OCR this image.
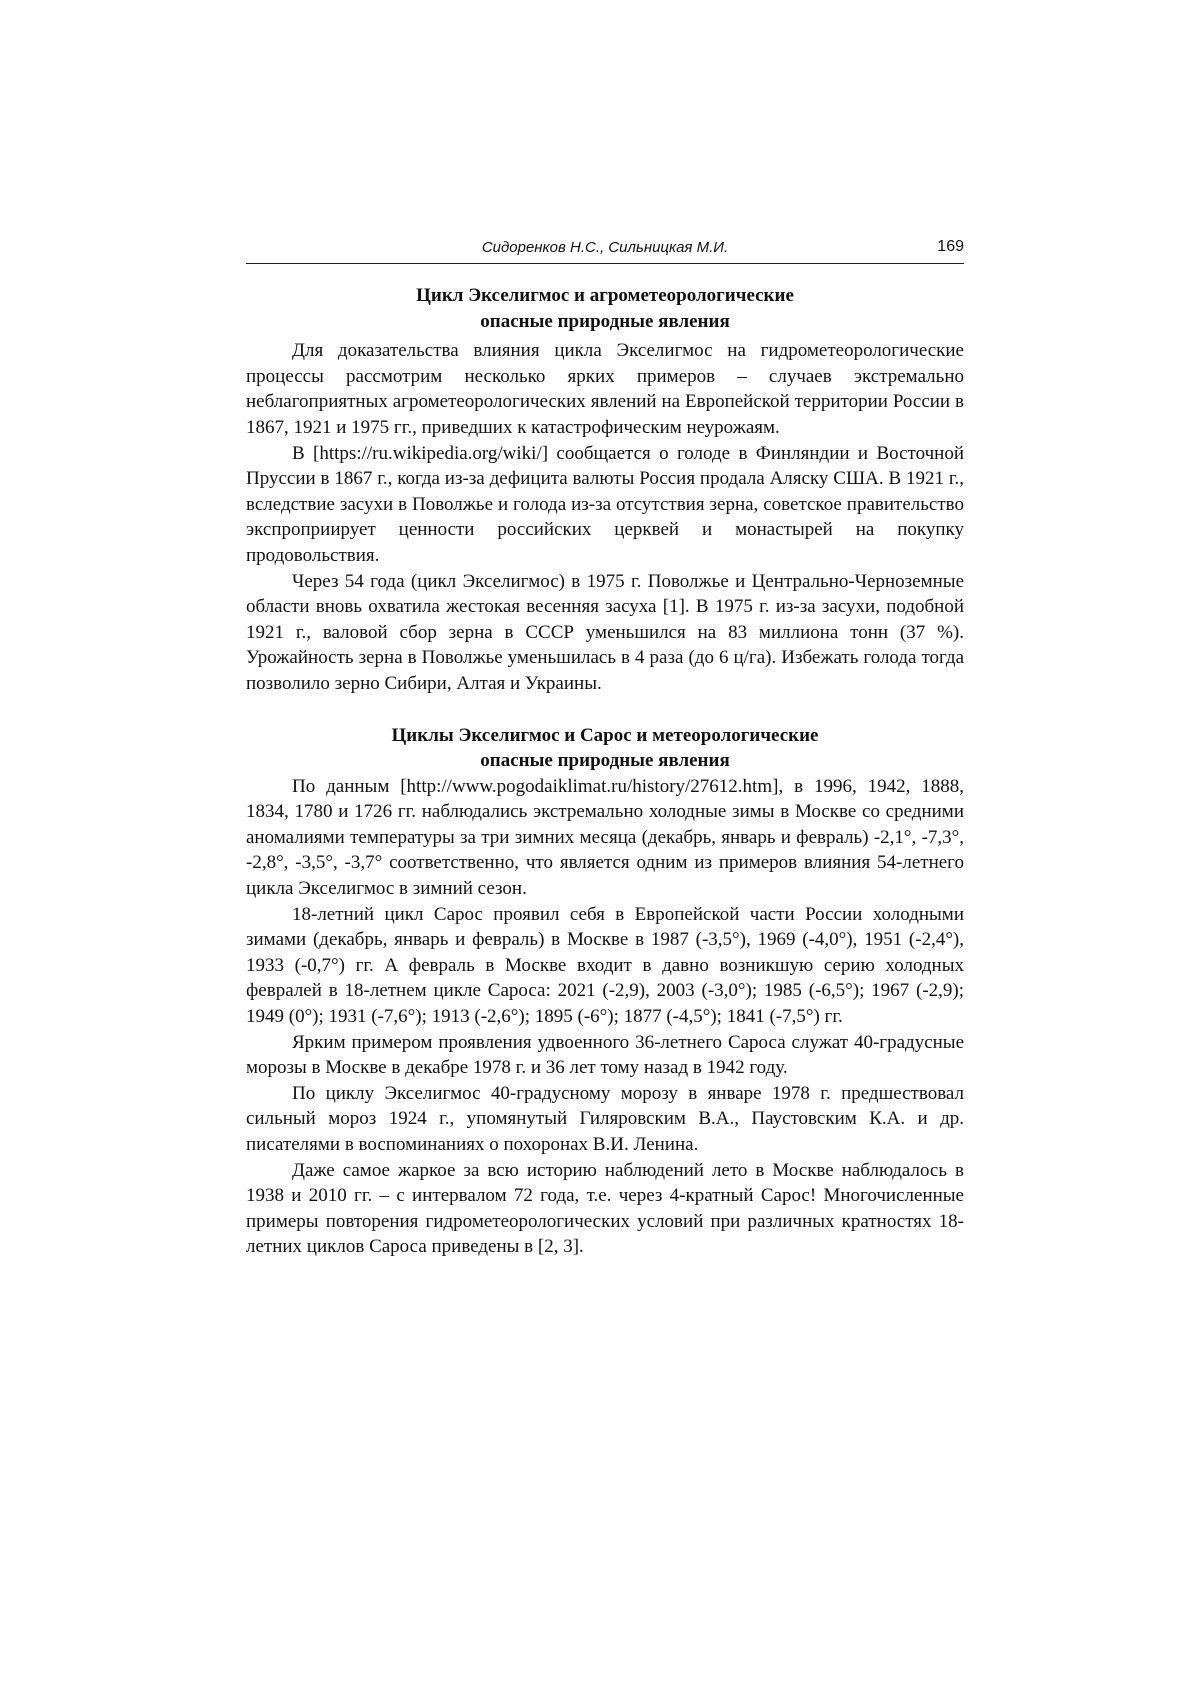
Сидоренков Н.С., Сильницкая М.И.	169
Цикл Экселигмос и агрометеорологические
опасные природные явления

Для доказательства влияния цикла Экселигмос на гидрометеорологические процессы рассмотрим несколько ярких примеров – случаев экстремально неблагоприятных агрометеорологических явлений на Европейской территории России в 1867, 1921 и 1975 гг., приведших к катастрофическим неурожаям.

В [https://ru.wikipedia.org/wiki/] сообщается о голоде в Финляндии и Восточной Пруссии в 1867 г., когда из-за дефицита валюты Россия продала Аляску США. В 1921 г., вследствие засухи в Поволжье и голода из-за отсутствия зерна, советское правительство экспроприирует ценности российских церквей и монастырей на покупку продовольствия.

Через 54 года (цикл Экселигмос) в 1975 г. Поволжье и Центрально-Черноземные области вновь охватила жестокая весенняя засуха [1]. В 1975 г. из-за засухи, подобной 1921 г., валовой сбор зерна в СССР уменьшился на 83 миллиона тонн (37 %). Урожайность зерна в Поволжье уменьшилась в 4 раза (до 6 ц/га). Избежать голода тогда позволило зерно Сибири, Алтая и Украины.

Циклы Экселигмос и Сарос и метеорологические
опасные природные явления

По данным [http://www.pogodaiklimat.ru/history/27612.htm], в 1996, 1942, 1888, 1834, 1780 и 1726 гг. наблюдались экстремально холодные зимы в Москве со средними аномалиями температуры за три зимних месяца (декабрь, январь и февраль) -2,1°, -7,3°, -2,8°, -3,5°, -3,7° соответственно, что является одним из примеров влияния 54-летнего цикла Экселигмос в зимний сезон.

18-летний цикл Сарос проявил себя в Европейской части России холодными зимами (декабрь, январь и февраль) в Москве в 1987 (-3,5°), 1969 (-4,0°), 1951 (-2,4°), 1933 (-0,7°) гг. А февраль в Москве входит в давно возникшую серию холодных февралей в 18-летнем цикле Сароса: 2021 (-2,9), 2003 (-3,0°); 1985 (-6,5°); 1967 (-2,9); 1949 (0°); 1931 (-7,6°); 1913 (-2,6°); 1895 (-6°); 1877 (-4,5°); 1841 (-7,5°) гг.

Ярким примером проявления удвоенного 36-летнего Сароса служат 40-градусные морозы в Москве в декабре 1978 г. и 36 лет тому назад в 1942 году.

По циклу Экселигмос 40-градусному морозу в январе 1978 г. предшествовал сильный мороз 1924 г., упомянутый Гиляровским В.А., Паустовским К.А. и др. писателями в воспоминаниях о похоронах В.И. Ленина.

Даже самое жаркое за всю историю наблюдений лето в Москве наблюдалось в 1938 и 2010 гг. – с интервалом 72 года, т.е. через 4-кратный Сарос! Многочисленные примеры повторения гидрометеорологических условий при различных кратностях 18-летних циклов Сароса приведены в [2, 3].
